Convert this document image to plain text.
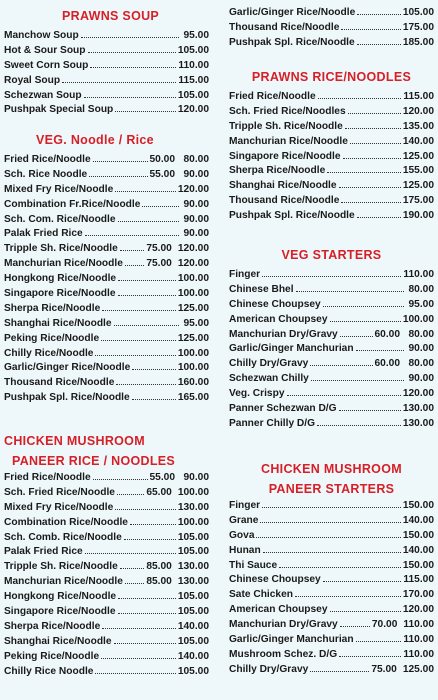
PRAWNS SOUP
Manchow Soup	95.00
Hot & Sour Soup	105.00
Sweet Corn Soup	110.00
Royal Soup	115.00
Schezwan Soup	105.00
Pushpak Special Soup	120.00
VEG. Noodle / Rice
Fried Rice/Noodle	50.00 80.00
Sch. Rice Noodle	55.00 90.00
Mixed Fry Rice/Noodle	120.00
Combination Fr.Rice/Noodle	90.00
Sch. Com. Rice/Noodle	90.00
Palak Fried Rice	90.00
Tripple Sh. Rice/Noodle	75.00 120.00
Manchurian Rice/Noodle 75.00 120.00
Hongkong Rice/Noodle	100.00
Singapore Rice/Noodle	100.00
Sherpa Rice/Noodle	125.00
Shanghai Rice/Noodle	95.00
Peking Rice/Noodle	125.00
Chilly Rice/Noodle	100.00
Garlic/Ginger Rice/Noodle	100.00
Thousand Rice/Noodle	160.00
Pushpak Spl. Rice/Noodle	165.00
CHICKEN MUSHROOM
PANEER RICE / NOODLES
Fried Rice/Noodle	55.00 90.00
Sch. Fried Rice/Noodle	65.00 100.00
Mixed Fry Rice/Noodle	130.00
Combination Rice/Noodle	100.00
Sch. Comb. Rice/Noodle	105.00
Palak Fried Rice	105.00
Tripple Sh. Rice/Noodle	85.00 130.00
Manchurian Rice/Noodle 85.00 130.00
Hongkong Rice/Noodle	105.00
Singapore Rice/Noodle	105.00
Sherpa Rice/Noodle	140.00
Shanghai Rice/Noodle	105.00
Peking Rice/Noodle	140.00
Chilly Rice Noodle	105.00
Garlic/Ginger Rice/Noodle	105.00
Thousand Rice/Noodle	175.00
Pushpak Spl. Rice/Noodle	185.00
PRAWNS RICE/NOODLES
Fried Rice/Noodle	115.00
Sch. Fried Rice/Noodles	120.00
Tripple Sh. Rice/Noodle	135.00
Manchurian Rice/Noodle	140.00
Singapore Rice/Noodle	125.00
Sherpa Rice/Noodle	155.00
Shanghai Rice/Noodle	125.00
Thousand Rice/Noodle	175.00
Pushpak Spl. Rice/Noodle	190.00
VEG STARTERS
Finger	110.00
Chinese Bhel	80.00
Chinese Choupsey	95.00
American Choupsey	100.00
Manchurian Dry/Gravy	60.00 80.00
Garlic/Ginger Manchurian	90.00
Chilly Dry/Gravy	60.00 80.00
Schezwan Chilly	90.00
Veg. Crispy	120.00
Panner Schezwan D/G	130.00
Panner Chilly D/G	130.00
CHICKEN MUSHROOM
PANEER STARTERS
Finger	150.00
Grane	140.00
Gova	150.00
Hunan	140.00
Thi Sauce	150.00
Chinese Choupsey	115.00
Sate Chicken	170.00
American Choupsey	120.00
Manchurian Dry/Gravy	70.00 110.00
Garlic/Ginger Manchurian	110.00
Mushroom Schez. D/G	110.00
Chilly Dry/Gravy	75.00 125.00
